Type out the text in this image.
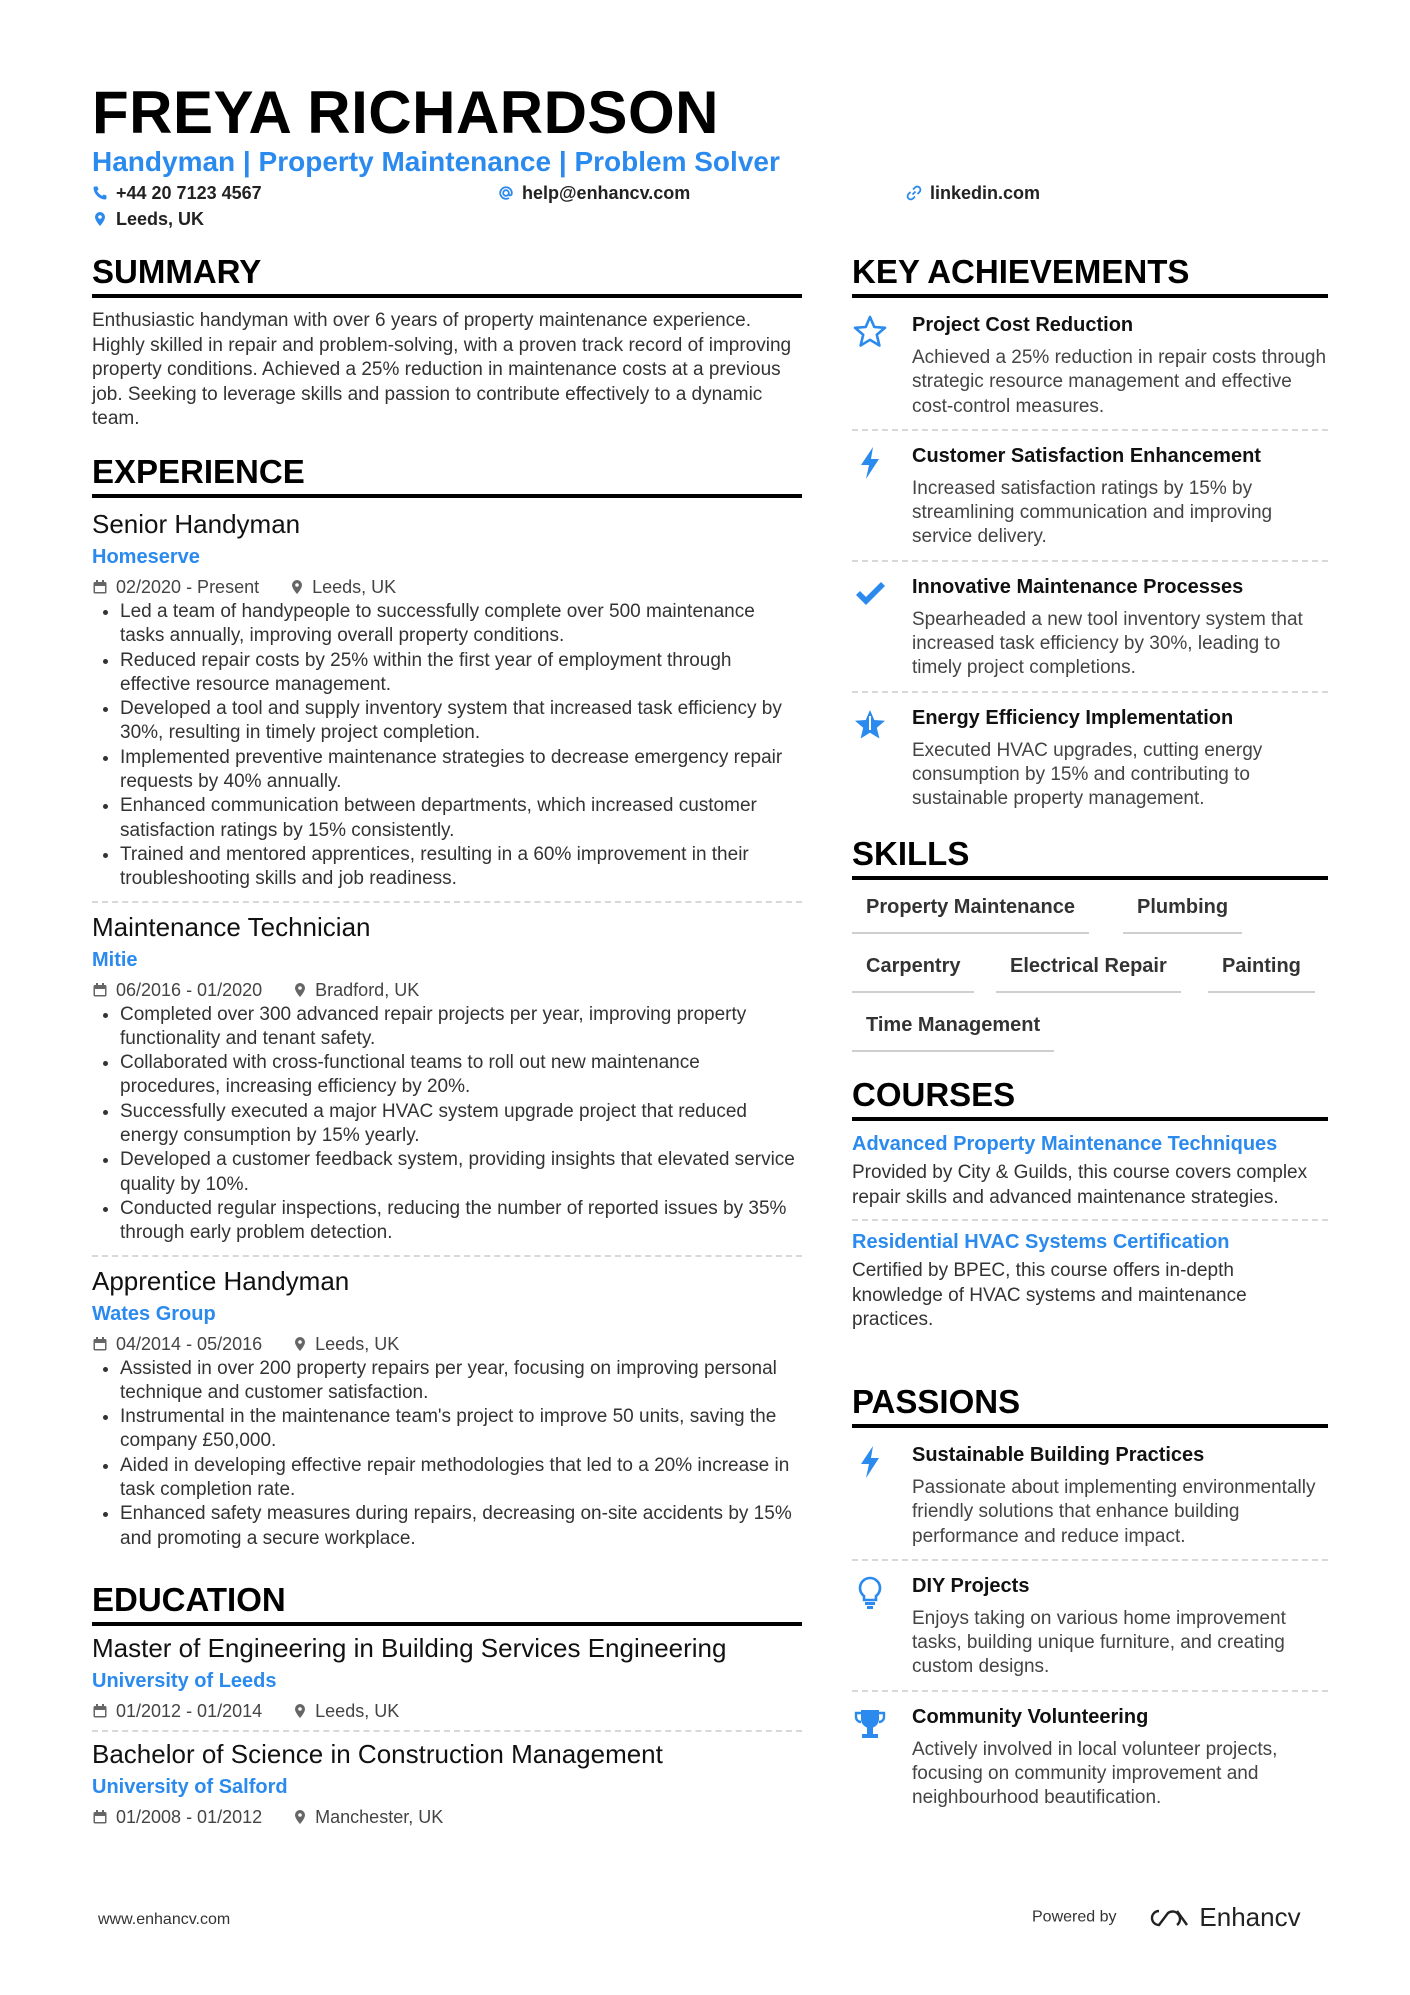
FREYA RICHARDSON
Handyman | Property Maintenance | Problem Solver
+44 20 7123 4567	help@enhancv.com	linkedin.com
Leeds, UK
SUMMARY
Enthusiastic handyman with over 6 years of property maintenance experience. Highly skilled in repair and problem-solving, with a proven track record of improving property conditions. Achieved a 25% reduction in maintenance costs at a previous job. Seeking to leverage skills and passion to contribute effectively to a dynamic team.
EXPERIENCE
Senior Handyman
Homeserve
02/2020 - Present	Leeds, UK
• Led a team of handypeople to successfully complete over 500 maintenance tasks annually, improving overall property conditions.
• Reduced repair costs by 25% within the first year of employment through effective resource management.
• Developed a tool and supply inventory system that increased task efficiency by 30%, resulting in timely project completion.
• Implemented preventive maintenance strategies to decrease emergency repair requests by 40% annually.
• Enhanced communication between departments, which increased customer satisfaction ratings by 15% consistently.
• Trained and mentored apprentices, resulting in a 60% improvement in their troubleshooting skills and job readiness.
Maintenance Technician
Mitie
06/2016 - 01/2020	Bradford, UK
• Completed over 300 advanced repair projects per year, improving property functionality and tenant safety.
• Collaborated with cross-functional teams to roll out new maintenance procedures, increasing efficiency by 20%.
• Successfully executed a major HVAC system upgrade project that reduced energy consumption by 15% yearly.
• Developed a customer feedback system, providing insights that elevated service quality by 10%.
• Conducted regular inspections, reducing the number of reported issues by 35% through early problem detection.
Apprentice Handyman
Wates Group
04/2014 - 05/2016	Leeds, UK
• Assisted in over 200 property repairs per year, focusing on improving personal technique and customer satisfaction.
• Instrumental in the maintenance team's project to improve 50 units, saving the company £50,000.
• Aided in developing effective repair methodologies that led to a 20% increase in task completion rate.
• Enhanced safety measures during repairs, decreasing on-site accidents by 15% and promoting a secure workplace.
EDUCATION
Master of Engineering in Building Services Engineering
University of Leeds
01/2012 - 01/2014	Leeds, UK
Bachelor of Science in Construction Management
University of Salford
01/2008 - 01/2012	Manchester, UK
KEY ACHIEVEMENTS
Project Cost Reduction
Achieved a 25% reduction in repair costs through strategic resource management and effective cost-control measures.
Customer Satisfaction Enhancement
Increased satisfaction ratings by 15% by streamlining communication and improving service delivery.
Innovative Maintenance Processes
Spearheaded a new tool inventory system that increased task efficiency by 30%, leading to timely project completions.
Energy Efficiency Implementation
Executed HVAC upgrades, cutting energy consumption by 15% and contributing to sustainable property management.
SKILLS
Property Maintenance	Plumbing
Carpentry	Electrical Repair	Painting
Time Management
COURSES
Advanced Property Maintenance Techniques
Provided by City & Guilds, this course covers complex repair skills and advanced maintenance strategies.
Residential HVAC Systems Certification
Certified by BPEC, this course offers in-depth knowledge of HVAC systems and maintenance practices.
PASSIONS
Sustainable Building Practices
Passionate about implementing environmentally friendly solutions that enhance building performance and reduce impact.
DIY Projects
Enjoys taking on various home improvement tasks, building unique furniture, and creating custom designs.
Community Volunteering
Actively involved in local volunteer projects, focusing on community improvement and neighbourhood beautification.
www.enhancv.com	Powered by	Enhancv
